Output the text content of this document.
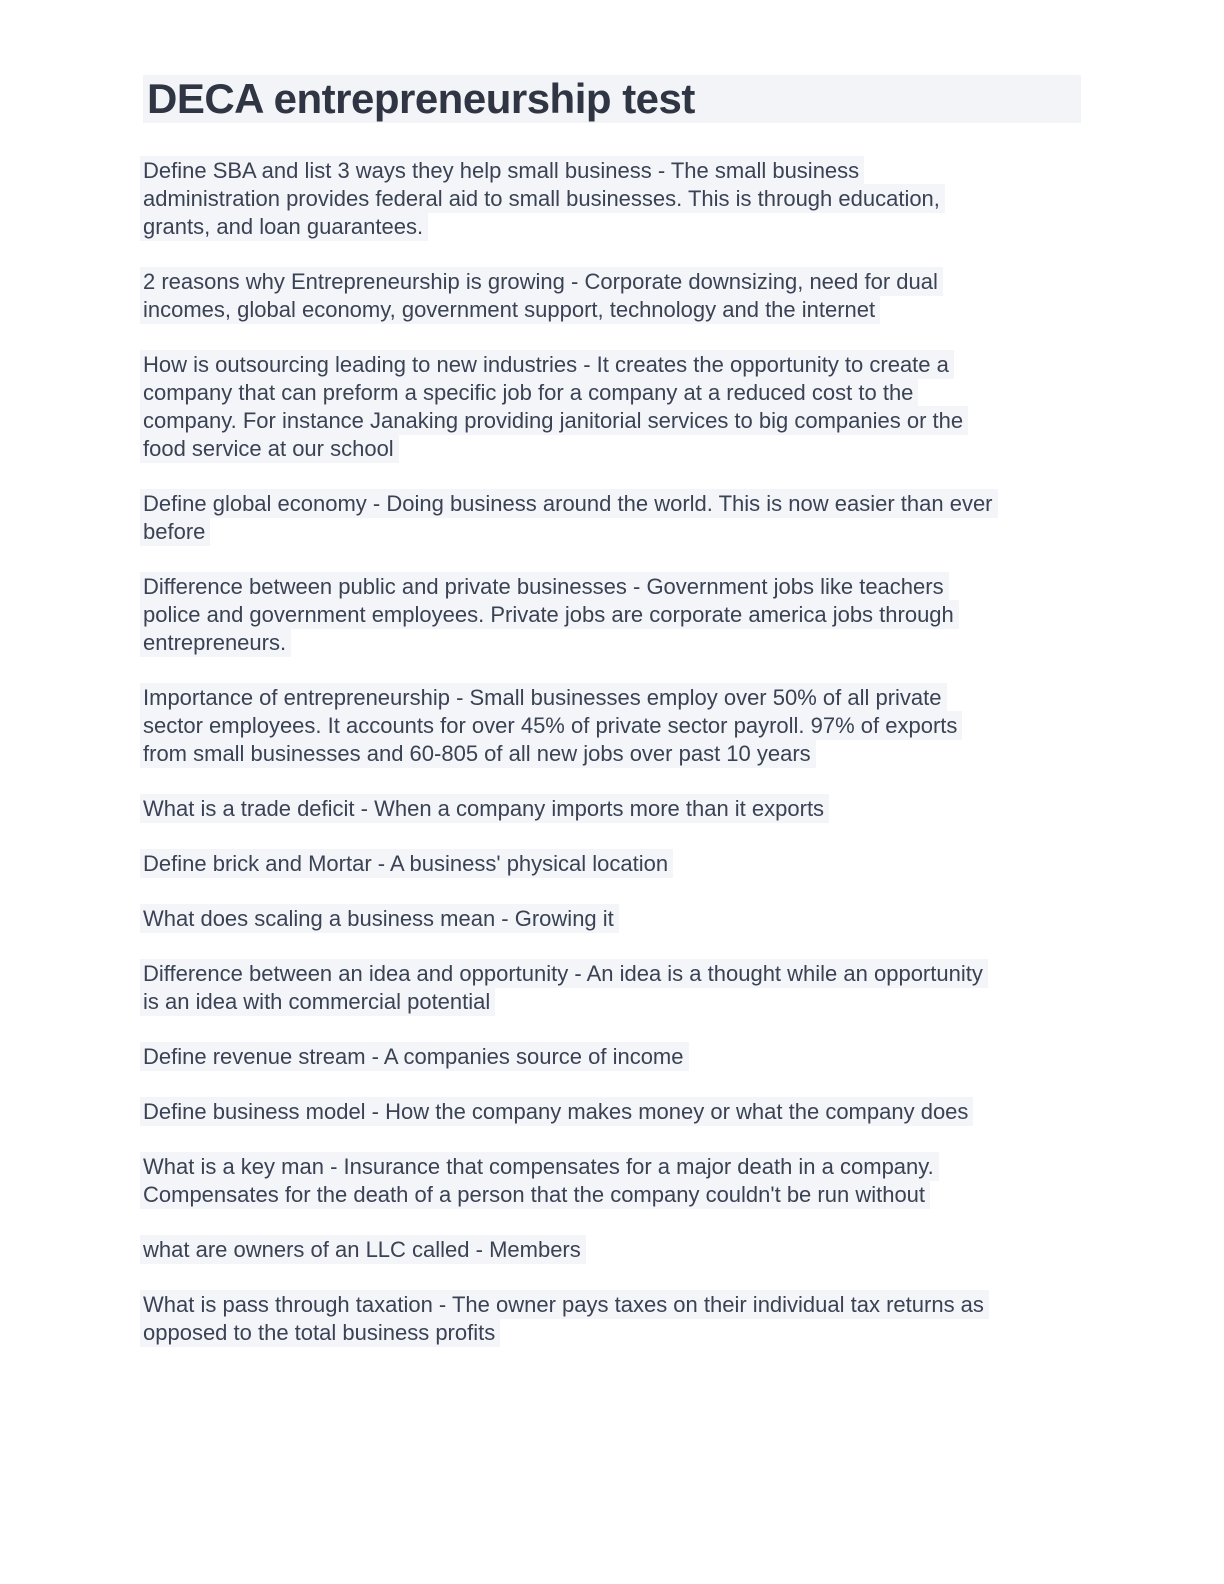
DECA entrepreneurship test

Define SBA and list 3 ways they help small business - The small business
administration provides federal aid to small businesses. This is through education,
grants, and loan guarantees.

2 reasons why Entrepreneurship is growing - Corporate downsizing, need for dual
incomes, global economy, government support, technology and the internet

How is outsourcing leading to new industries - It creates the opportunity to create a
company that can preform a specific job for a company at a reduced cost to the
company. For instance Janaking providing janitorial services to big companies or the
food service at our school

Define global economy - Doing business around the world. This is now easier than ever
before

Difference between public and private businesses - Government jobs like teachers
police and government employees. Private jobs are corporate america jobs through
entrepreneurs.

Importance of entrepreneurship - Small businesses employ over 50% of all private
sector employees. It accounts for over 45% of private sector payroll. 97% of exports
from small businesses and 60-805 of all new jobs over past 10 years

What is a trade deficit - When a company imports more than it exports

Define brick and Mortar - A business' physical location

What does scaling a business mean - Growing it

Difference between an idea and opportunity - An idea is a thought while an opportunity
is an idea with commercial potential

Define revenue stream - A companies source of income

Define business model - How the company makes money or what the company does

What is a key man - Insurance that compensates for a major death in a company.
Compensates for the death of a person that the company couldn't be run without

what are owners of an LLC called - Members

What is pass through taxation - The owner pays taxes on their individual tax returns as
opposed to the total business profits
